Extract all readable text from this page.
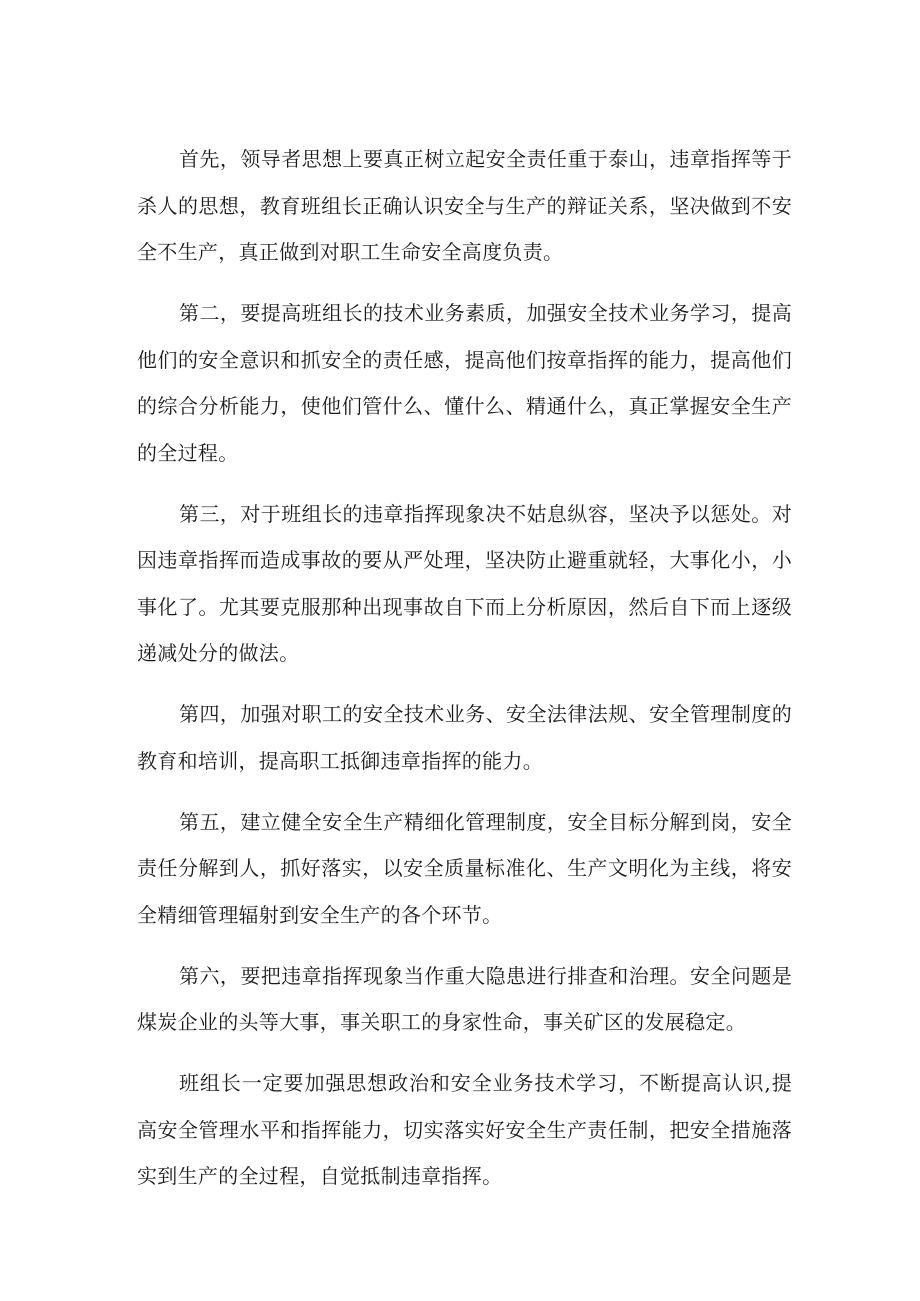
首先，领导者思想上要真正树立起安全责任重于泰山，违章指挥等于杀人的思想，教育班组长正确认识安全与生产的辩证关系，坚决做到不安全不生产，真正做到对职工生命安全高度负责。

第二，要提高班组长的技术业务素质，加强安全技术业务学习，提高他们的安全意识和抓安全的责任感，提高他们按章指挥的能力，提高他们的综合分析能力，使他们管什么、懂什么、精通什么，真正掌握安全生产的全过程。

第三，对于班组长的违章指挥现象决不姑息纵容，坚决予以惩处。对因违章指挥而造成事故的要从严处理，坚决防止避重就轻，大事化小，小事化了。尤其要克服那种出现事故自下而上分析原因，然后自下而上逐级递减处分的做法。

第四，加强对职工的安全技术业务、安全法律法规、安全管理制度的教育和培训，提高职工抵御违章指挥的能力。

第五，建立健全安全生产精细化管理制度，安全目标分解到岗，安全责任分解到人，抓好落实，以安全质量标准化、生产文明化为主线，将安全精细管理辐射到安全生产的各个环节。

第六，要把违章指挥现象当作重大隐患进行排查和治理。安全问题是煤炭企业的头等大事，事关职工的身家性命，事关矿区的发展稳定。

班组长一定要加强思想政治和安全业务技术学习，不断提高认识,提高安全管理水平和指挥能力，切实落实好安全生产责任制，把安全措施落实到生产的全过程，自觉抵制违章指挥。
